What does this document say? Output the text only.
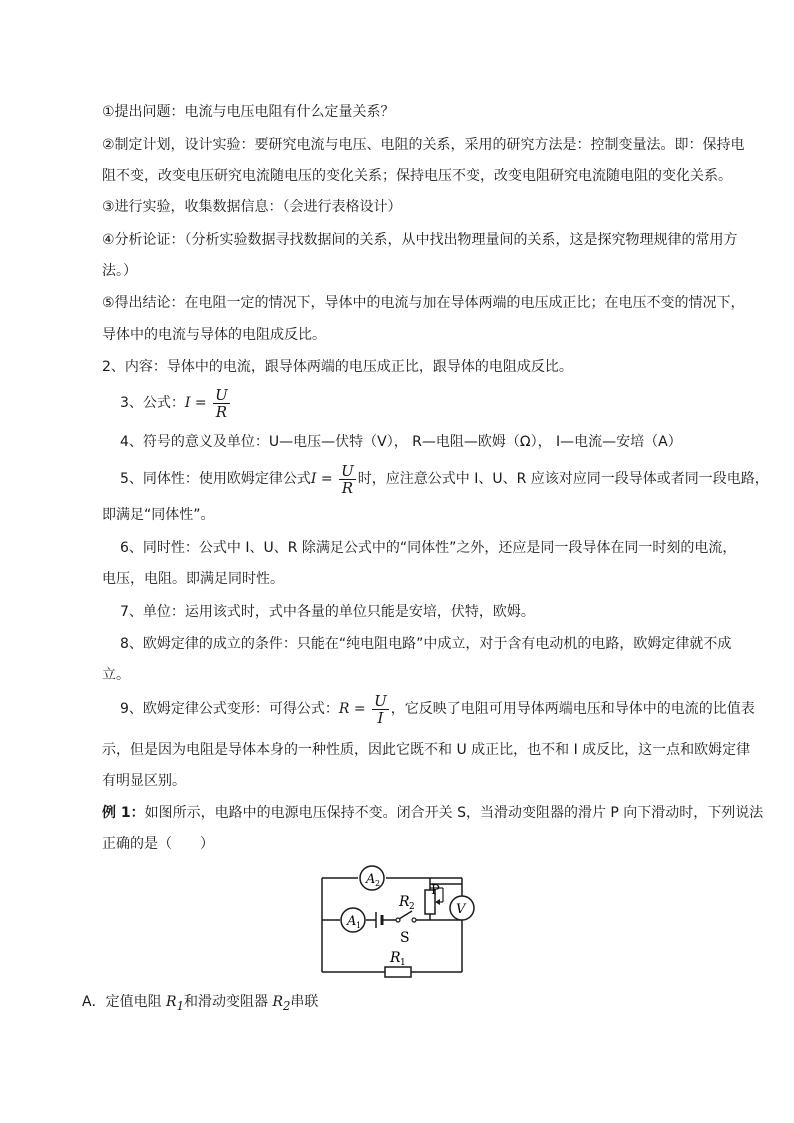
①提出问题：电流与电压电阻有什么定量关系？
②制定计划，设计实验：要研究电流与电压、电阻的关系，采用的研究方法是：控制变量法。即：保持电
阻不变，改变电压研究电流随电压的变化关系；保持电压不变，改变电阻研究电流随电阻的变化关系。
③进行实验，收集数据信息：（会进行表格设计）
④分析论证：（分析实验数据寻找数据间的关系，从中找出物理量间的关系，这是探究物理规律的常用方
法。）
⑤得出结论：在电阻一定的情况下，导体中的电流与加在导体两端的电压成正比；在电压不变的情况下，
导体中的电流与导体的电阻成反比。
2、内容：导体中的电流，跟导体两端的电压成正比，跟导体的电阻成反比。
3、公式：$I = \frac{U}{R}$
4、符号的意义及单位：U—电压—伏特（V）， R—电阻—欧姆（Ω）， I—电流—安培（A）
5、同体性：使用欧姆定律公式$I = \frac{U}{R}$ 时，应注意公式中 I、U、R 应该对应同一段导体或者同一段电路，
即满足“同体性”。
6、同时性：公式中 I、U、R 除满足公式中的“同体性”之外，还应是同一段导体在同一时刻的电流，
电压，电阻。即满足同时性。
7、单位：运用该式时，式中各量的单位只能是安培，伏特，欧姆。
8、欧姆定律的成立的条件：只能在“纯电阻电路”中成立，对于含有电动机的电路，欧姆定律就不成
立。
9、欧姆定律公式变形：可得公式：$R = \frac{U}{I}$ ，它反映了电阻可用导体两端电压和导体中的电流的比值表
示，但是因为电阻是导体本身的一种性质，因此它既不和 U 成正比，也不和 I 成反比，这一点和欧姆定律
有明显区别。
例 1：如图所示，电路中的电源电压保持不变。闭合开关 S，当滑动变阻器的滑片 P 向下滑动时，下列说法
正确的是（　　）
A 2
A 1
V
R 2
P
S
R 1
A．定值电阻 $R_1$和滑动变阻器 $R_2$串联
